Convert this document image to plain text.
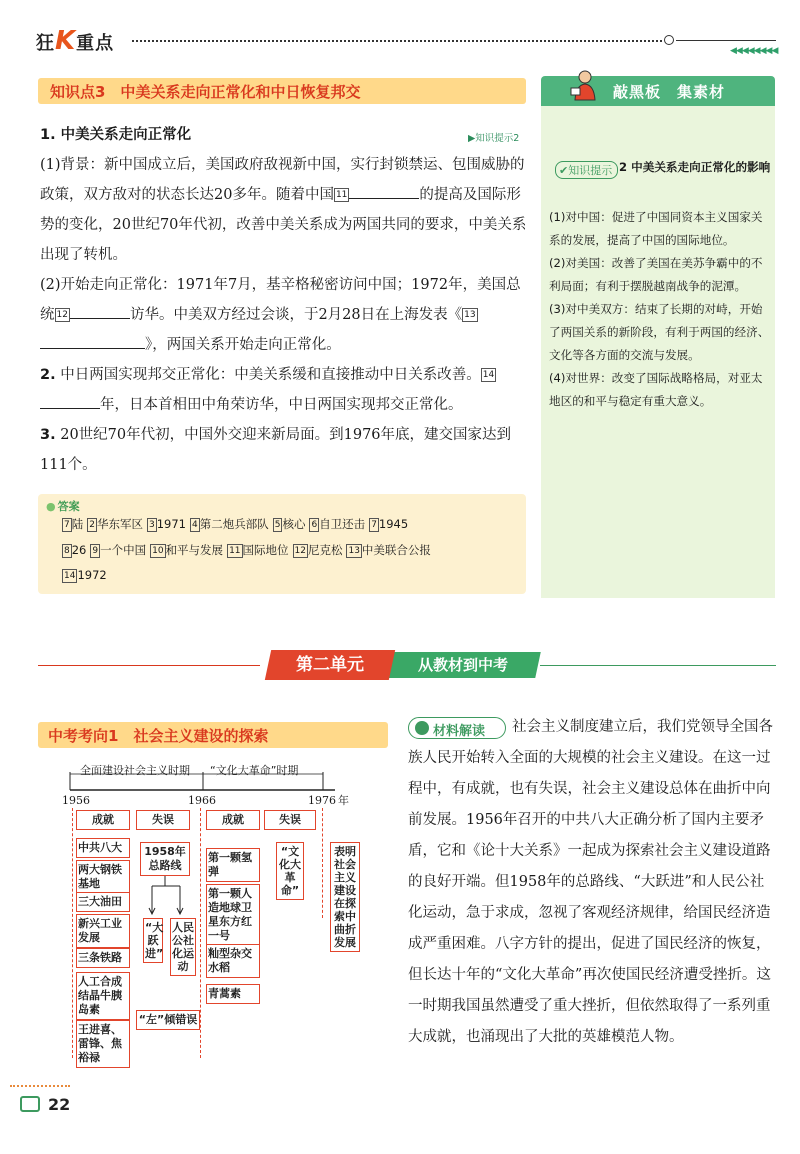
狂K重点	◀◀◀◀◀◀◀◀
知识点3　中美关系走向正常化和中日恢复邦交
1. 中美关系走向正常化
(1)背景：新中国成立后，美国政府敌视新中国，实行封锁禁运、包围威胁的政策，双方敌对的状态长达20多年。随着中国 11	的提高及国际形势的变化，20世纪70年代初，改善中美关系成为两国共同的要求，中美关系出现了转机。
(2)开始走向正常化：1971年7月，基辛格秘密访问中国；1972年，美国总统 12	访华。中美双方经过会谈，于2月28日在上海发表《 13》，两国关系开始走向正常化。
2. 中日两国实现邦交正常化：中美关系缓和直接推动中日关系改善。 14年，日本首相田中角荣访华，中日两国实现邦交正常化。
3. 20世纪70年代初，中国外交迎来新局面。到1976年底，建交国家达到111个。
▶知识提示2
● 答案
7 陆 2 华东军区 3 1971 4 第二炮兵部队 5 核心 6 自卫还击 7 1945
8 26 9 一个中国 10 和平与发展 11 国际地位 12 尼克松 13 中美联合公报
14 1972
敲黑板　集素材
✔知识提示 2 中美关系走向正常化的影响
(1)对中国：促进了中国同资本主义国家关系的发展，提高了中国的国际地位。
(2)对美国：改善了美国在美苏争霸中的不利局面；有利于摆脱越南战争的泥潭。
(3)对中美双方：结束了长期的对峙，开始了两国关系的新阶段，有利于两国的经济、文化等各方面的交流与发展。
(4)对世界：改变了国际战略格局，对亚太地区的和平与稳定有重大意义。
从教材到中考
第二单元
中考考向1　社会主义建设的探索	社会主义制度建立后，我们党领导全国各族人民开始转入全面的大规模的社会主义建设。在这一过程中，有成就，也有失误，社会主义建设总体在曲折中向前发展。1956年召开的中共八大正确分析了国内主要矛盾，它和《论十大关系》一起成为探索社会主义建设道路的良好开端。但1958年的总路线、“大跃进”和人民公社化运动，急于求成，忽视了客观经济规律，给国民经济造成严重困难。八字方针的提出，促进了国民经济的恢复，但长达十年的“文化大革命”再次使国民经济遭受挫折。这一时期我国虽然遭受了重大挫折，但依然取得了一系列重大成就，也涌现出了大批的英雄模范人物。
材料解读
全面建设社会主义时期 “文化大革命”时期
1956	1966	1976 年
成就
中共八大
两大钢铁基地
三大油田
新兴工业发展
三条铁路
人工合成结晶牛胰岛素
王进喜、雷锋、焦裕禄
失误
1958年总路线
“大跃进”
人民公社化运动
“左”倾错误
成就
第一颗氢弹
第一颗人造地球卫星东方红一号
籼型杂交水稻
青蒿素
失误
“文化大革命”
表明社会主义建设在探索中曲折发展
22
